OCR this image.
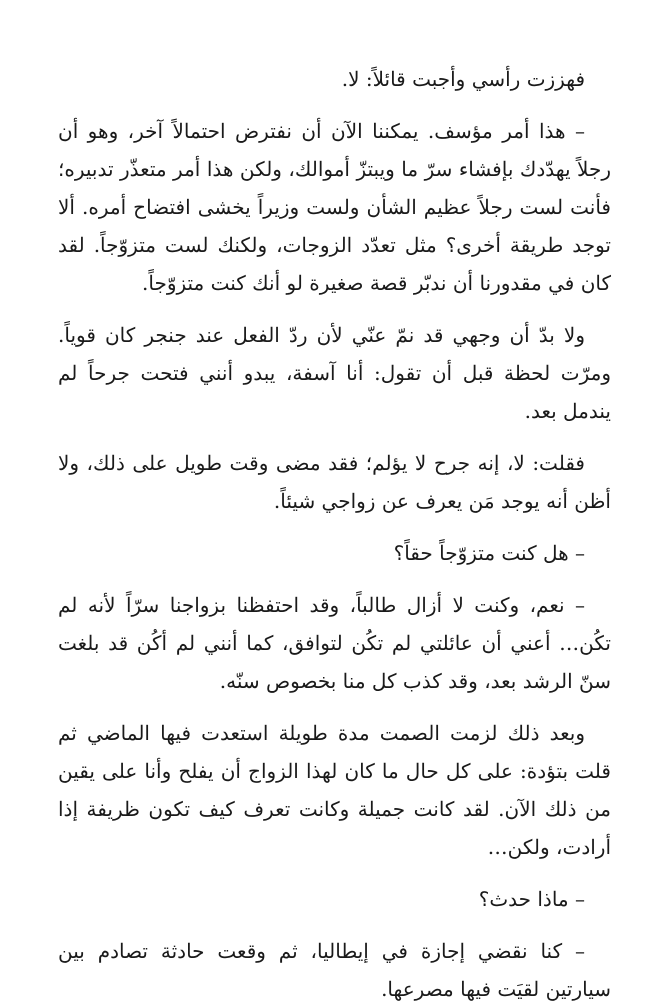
فهززت رأسي وأجبت قائلاً: لا.

– هذا أمر مؤسف. يمكننا الآن أن نفترض احتمالاً آخر، وهو أن رجلاً يهدّدك بإفشاء سرّ ما ويبتزّ أموالك، ولكن هذا أمر متعذّر تدبيره؛ فأنت لست رجلاً عظيم الشأن ولست وزيراً يخشى افتضاح أمره. ألا توجد طريقة أخرى؟ مثل تعدّد الزوجات، ولكنك لست متزوّجاً. لقد كان في مقدورنا أن ندبّر قصة صغيرة لو أنك كنت متزوّجاً.

ولا بدّ أن وجهي قد نمّ عنّي لأن ردّ الفعل عند جنجر كان قوياً. ومرّت لحظة قبل أن تقول: أنا آسفة، يبدو أنني فتحت جرحاً لم يندمل بعد.

فقلت: لا، إنه جرح لا يؤلم؛ فقد مضى وقت طويل على ذلك، ولا أظن أنه يوجد مَن يعرف عن زواجي شيئاً.

– هل كنت متزوّجاً حقاً؟

– نعم، وكنت لا أزال طالباً، وقد احتفظنا بزواجنا سرّاً لأنه لم تكُن… أعني أن عائلتي لم تكُن لتوافق، كما أنني لم أكُن قد بلغت سنّ الرشد بعد، وقد كذب كل منا بخصوص سنّه.

وبعد ذلك لزمت الصمت مدة طويلة استعدت فيها الماضي ثم قلت بتؤدة: على كل حال ما كان لهذا الزواج أن يفلح وأنا على يقين من ذلك الآن. لقد كانت جميلة وكانت تعرف كيف تكون ظريفة إذا أرادت، ولكن…

– ماذا حدث؟

– كنا نقضي إجازة في إيطاليا، ثم وقعت حادثة تصادم بين سيارتين لقيَت فيها مصرعها.
